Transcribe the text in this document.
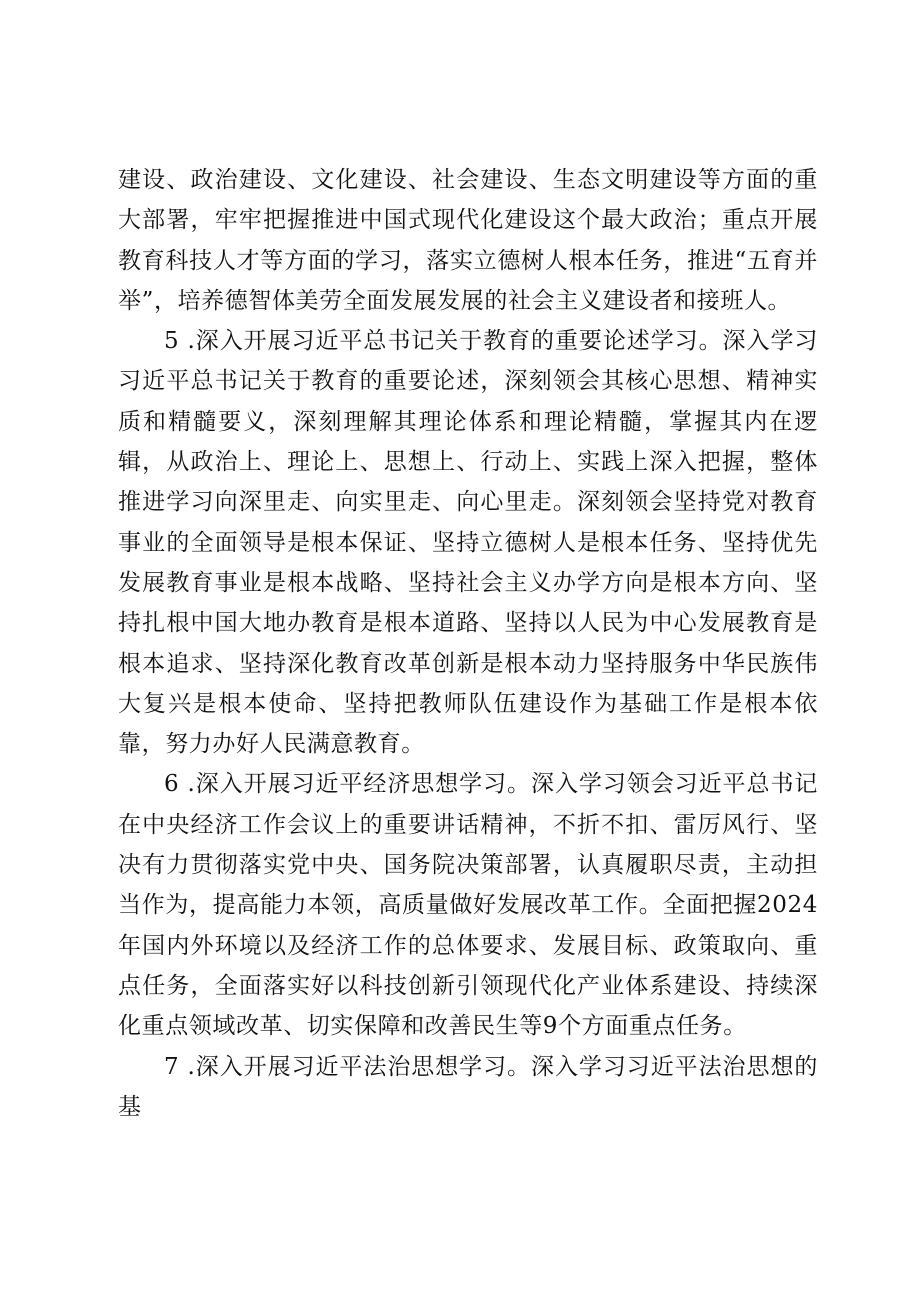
建设、政治建设、文化建设、社会建设、生态文明建设等方面的重大部署，牢牢把握推进中国式现代化建设这个最大政治；重点开展教育科技人才等方面的学习，落实立德树人根本任务，推进“五育并举”，培养德智体美劳全面发展发展的社会主义建设者和接班人。

5 .深入开展习近平总书记关于教育的重要论述学习。深入学习习近平总书记关于教育的重要论述，深刻领会其核心思想、精神实质和精髓要义，深刻理解其理论体系和理论精髓，掌握其内在逻辑，从政治上、理论上、思想上、行动上、实践上深入把握，整体推进学习向深里走、向实里走、向心里走。深刻领会坚持党对教育事业的全面领导是根本保证、坚持立德树人是根本任务、坚持优先发展教育事业是根本战略、坚持社会主义办学方向是根本方向、坚持扎根中国大地办教育是根本道路、坚持以人民为中心发展教育是根本追求、坚持深化教育改革创新是根本动力坚持服务中华民族伟大复兴是根本使命、坚持把教师队伍建设作为基础工作是根本依靠，努力办好人民满意教育。

6 .深入开展习近平经济思想学习。深入学习领会习近平总书记在中央经济工作会议上的重要讲话精神，不折不扣、雷厉风行、坚决有力贯彻落实党中央、国务院决策部署，认真履职尽责，主动担当作为，提高能力本领，高质量做好发展改革工作。全面把握2024年国内外环境以及经济工作的总体要求、发展目标、政策取向、重点任务，全面落实好以科技创新引领现代化产业体系建设、持续深化重点领域改革、切实保障和改善民生等9个方面重点任务。

7 .深入开展习近平法治思想学习。深入学习习近平法治思想的基
